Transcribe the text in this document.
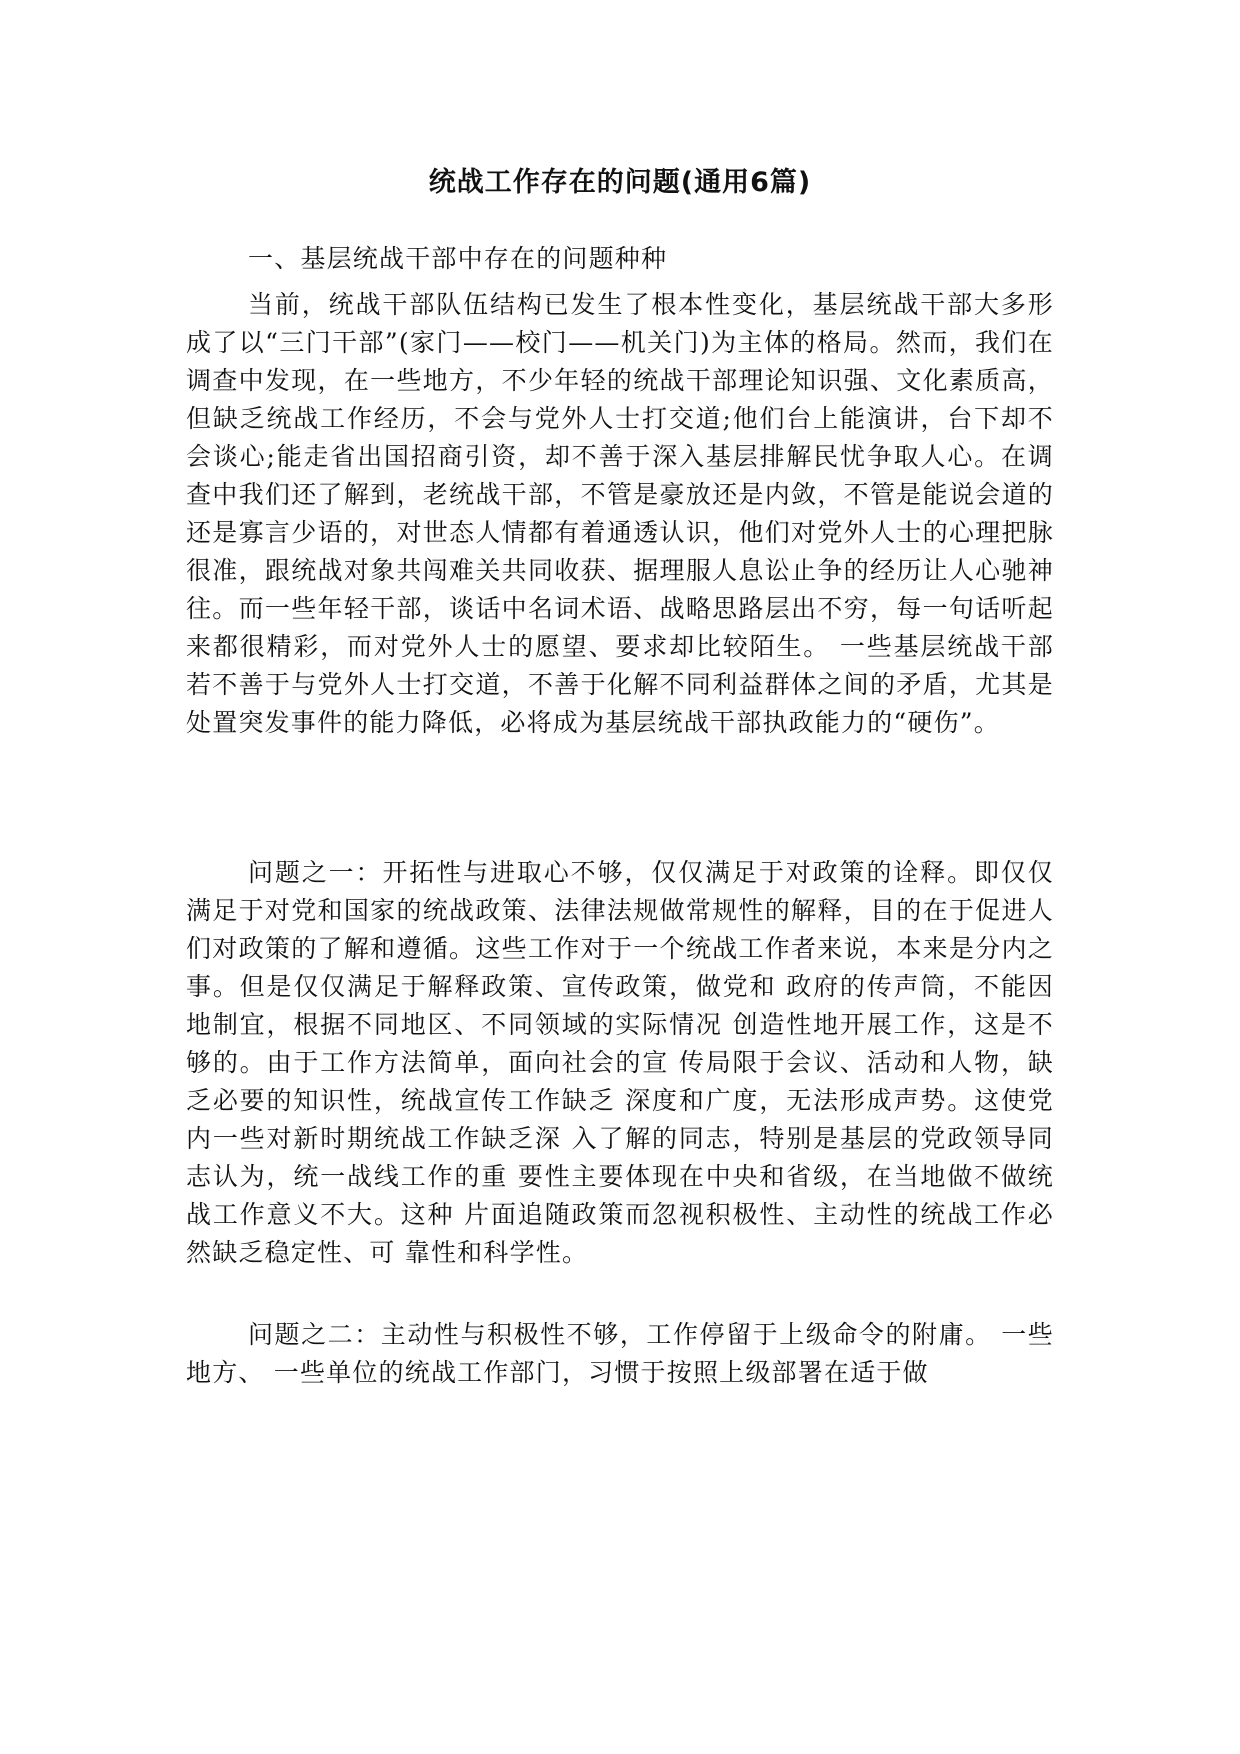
统战工作存在的问题(通用6篇)

一、基层统战干部中存在的问题种种

当前，统战干部队伍结构已发生了根本性变化，基层统战干部大多形成了以“三门干部”(家门——校门——机关门)为主体的格局。然而，我们在调查中发现，在一些地方，不少年轻的统战干部理论知识强、文化素质高，但缺乏统战工作经历，不会与党外人士打交道;他们台上能演讲，台下却不会谈心;能走省出国招商引资，却不善于深入基层排解民忧争取人心。在调查中我们还了解到，老统战干部，不管是豪放还是内敛，不管是能说会道的还是寡言少语的，对世态人情都有着通透认识，他们对党外人士的心理把脉很准，跟统战对象共闯难关共同收获、据理服人息讼止争的经历让人心驰神往。而一些年轻干部，谈话中名词术语、战略思路层出不穷，每一句话听起来都很精彩，而对党外人士的愿望、要求却比较陌生。 一些基层统战干部若不善于与党外人士打交道，不善于化解不同利益群体之间的矛盾，尤其是处置突发事件的能力降低，必将成为基层统战干部执政能力的“硬伤”。

问题之一：开拓性与进取心不够，仅仅满足于对政策的诠释。即仅仅满足于对党和国家的统战政策、法律法规做常规性的解释，目的在于促进人们对政策的了解和遵循。这些工作对于一个统战工作者来说，本来是分内之事。但是仅仅满足于解释政策、宣传政策，做党和 政府的传声筒，不能因地制宜，根据不同地区、不同领域的实际情况 创造性地开展工作，这是不够的。由于工作方法简单，面向社会的宣 传局限于会议、活动和人物，缺乏必要的知识性，统战宣传工作缺乏 深度和广度，无法形成声势。这使党内一些对新时期统战工作缺乏深 入了解的同志，特别是基层的党政领导同志认为，统一战线工作的重 要性主要体现在中央和省级，在当地做不做统战工作意义不大。这种 片面追随政策而忽视积极性、主动性的统战工作必然缺乏稳定性、可 靠性和科学性。

问题之二：主动性与积极性不够，工作停留于上级命令的附庸。 一些地方、 一些单位的统战工作部门，习惯于按照上级部署在适于做
